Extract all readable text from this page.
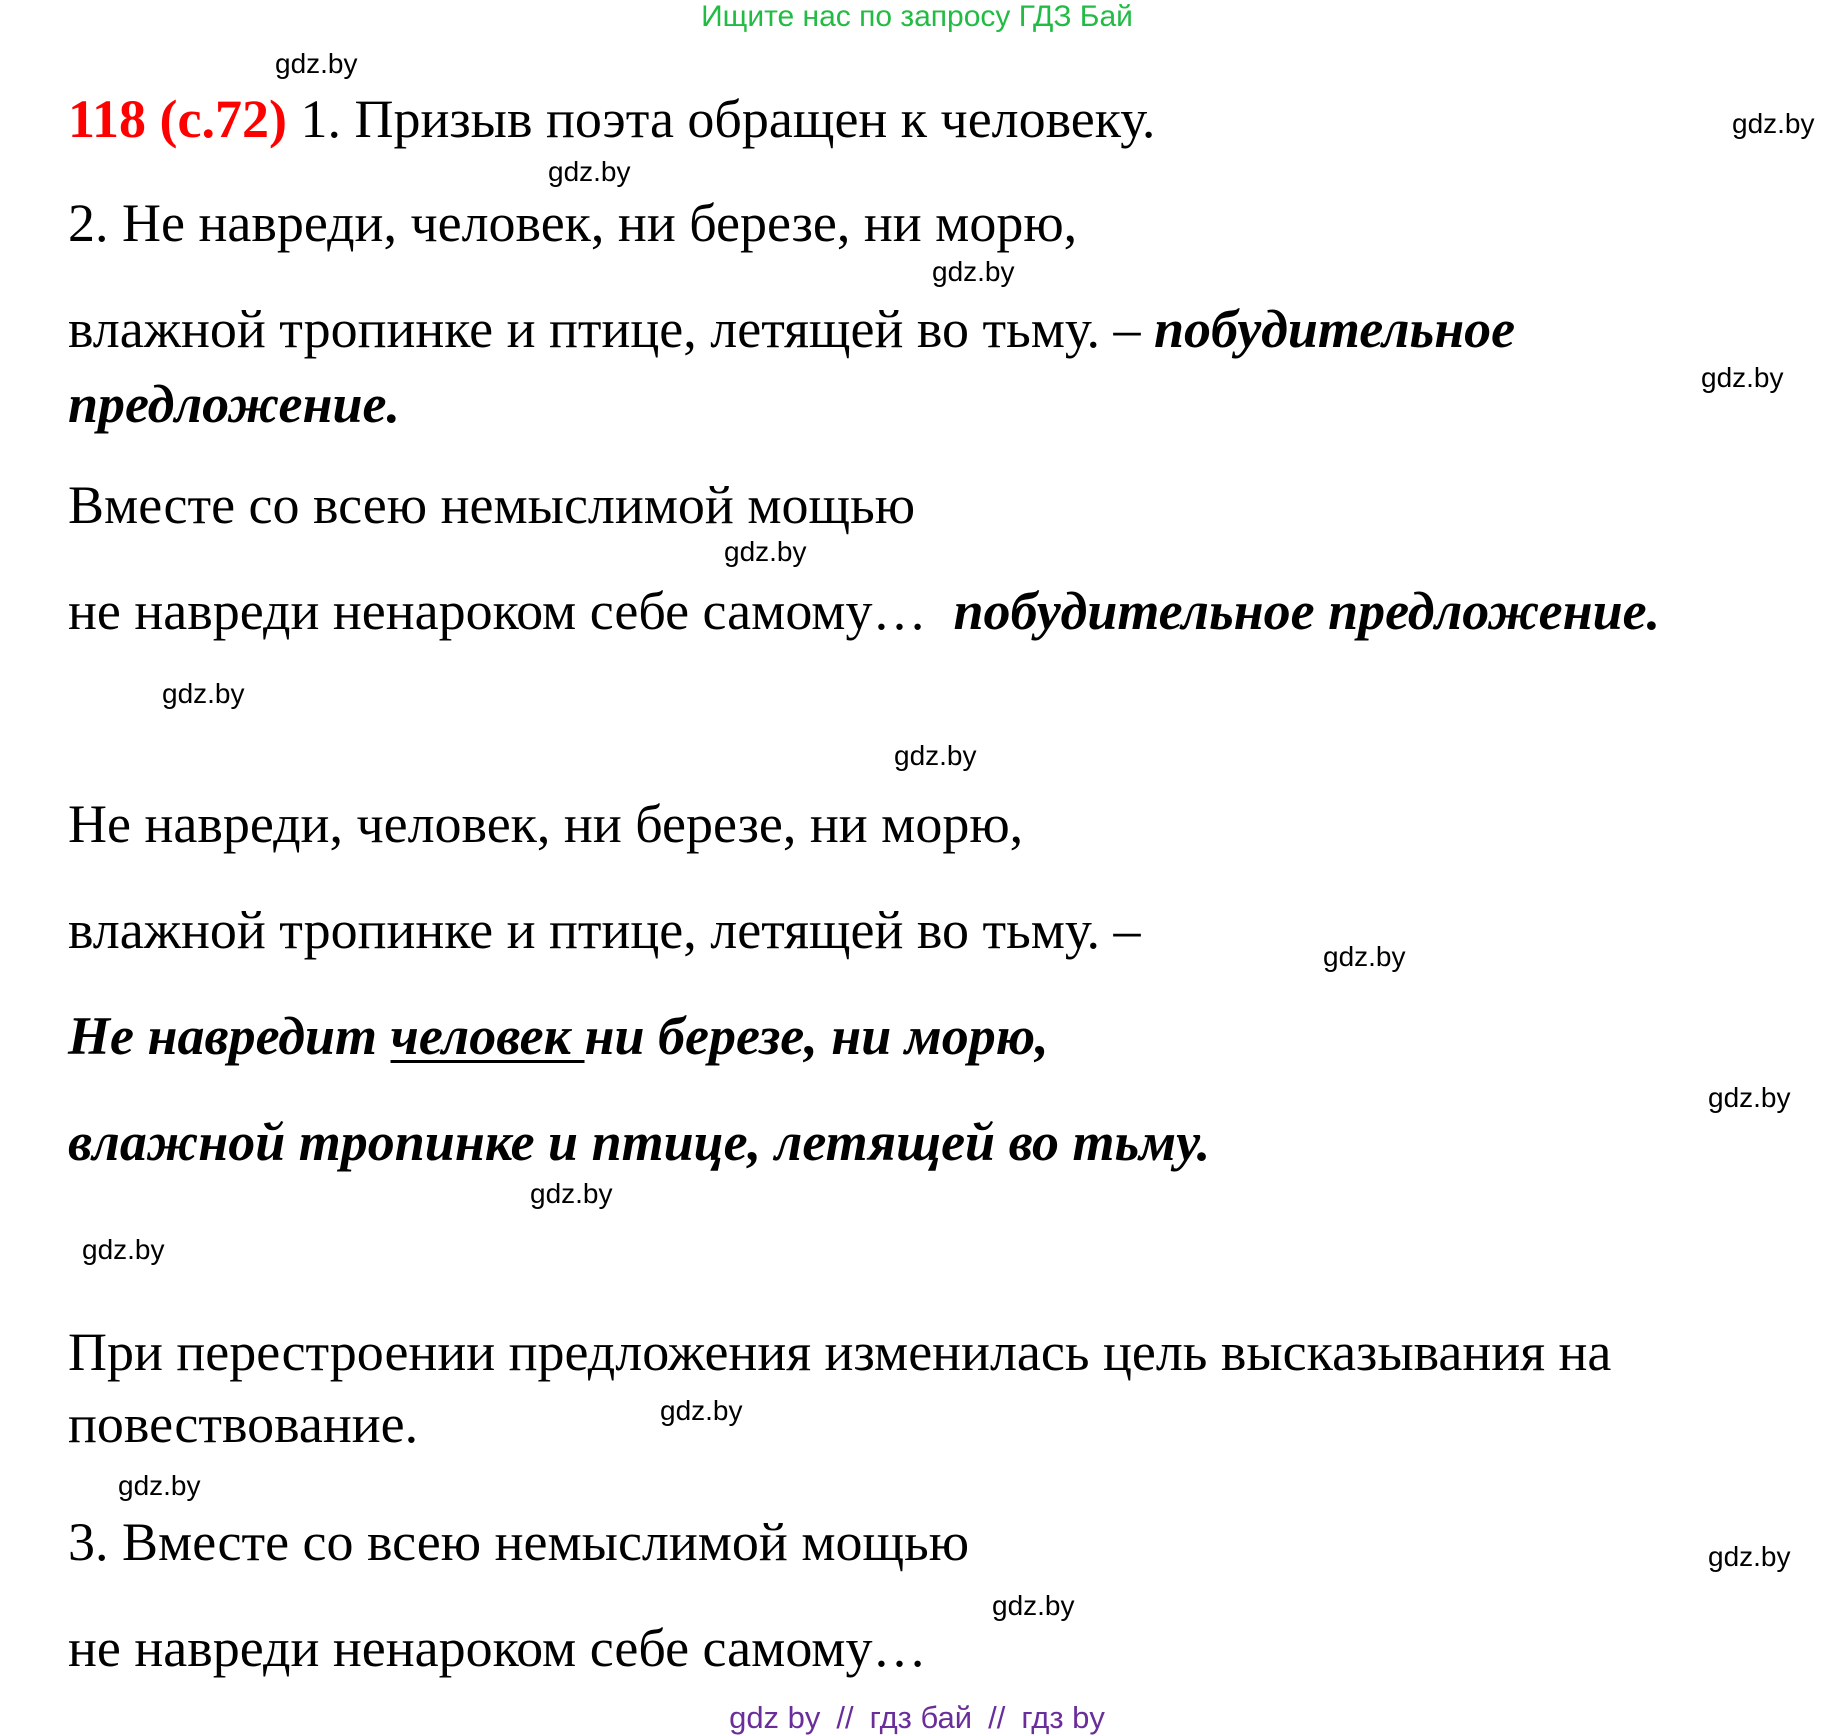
Ищите нас по запросу ГДЗ Бай
118 (с.72) 1. Призыв поэта обращен к человеку.
2. Не навреди, человек, ни березе, ни морю,
влажной тропинке и птице, летящей во тьму. – побудительное
предложение.
Вместе со всею немыслимой мощью
не навреди ненароком себе самому… побудительное предложение.
Не навреди, человек, ни березе, ни морю,
влажной тропинке и птице, летящей во тьму. –
Не навредит человек ни березе, ни морю,
влажной тропинке и птице, летящей во тьму.
При перестроении предложения изменилась цель высказывания на
повествование.
3. Вместе со всею немыслимой мощью
не навреди ненароком себе самому…
gdz.by
gdz.by
gdz.by
gdz.by
gdz.by
gdz.by
gdz.by
gdz.by
gdz.by
gdz.by
gdz.by
gdz.by
gdz.by
gdz.by
gdz.by
gdz.by
gdz by // гдз бай // гдз by
